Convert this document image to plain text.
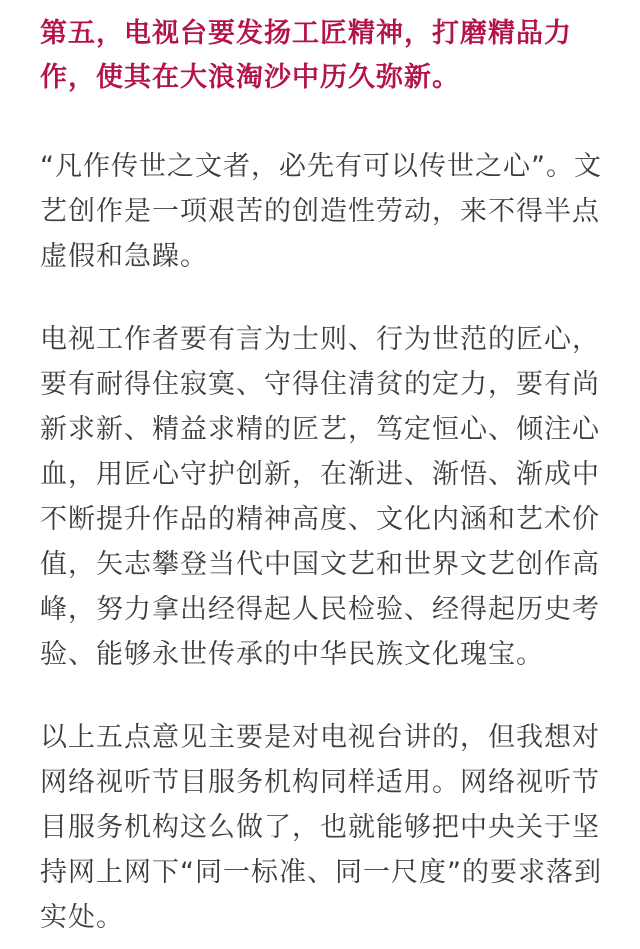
第五，电视台要发扬工匠精神，打磨精品力作，使其在大浪淘沙中历久弥新。

“凡作传世之文者，必先有可以传世之心”。文艺创作是一项艰苦的创造性劳动，来不得半点虚假和急躁。

电视工作者要有言为士则、行为世范的匠心，要有耐得住寂寞、守得住清贫的定力，要有尚新求新、精益求精的匠艺，笃定恒心、倾注心血，用匠心守护创新，在渐进、渐悟、渐成中不断提升作品的精神高度、文化内涵和艺术价值，矢志攀登当代中国文艺和世界文艺创作高峰，努力拿出经得起人民检验、经得起历史考验、能够永世传承的中华民族文化瑰宝。

以上五点意见主要是对电视台讲的，但我想对网络视听节目服务机构同样适用。网络视听节目服务机构这么做了，也就能够把中央关于坚持网上网下“同一标准、同一尺度”的要求落到实处。
